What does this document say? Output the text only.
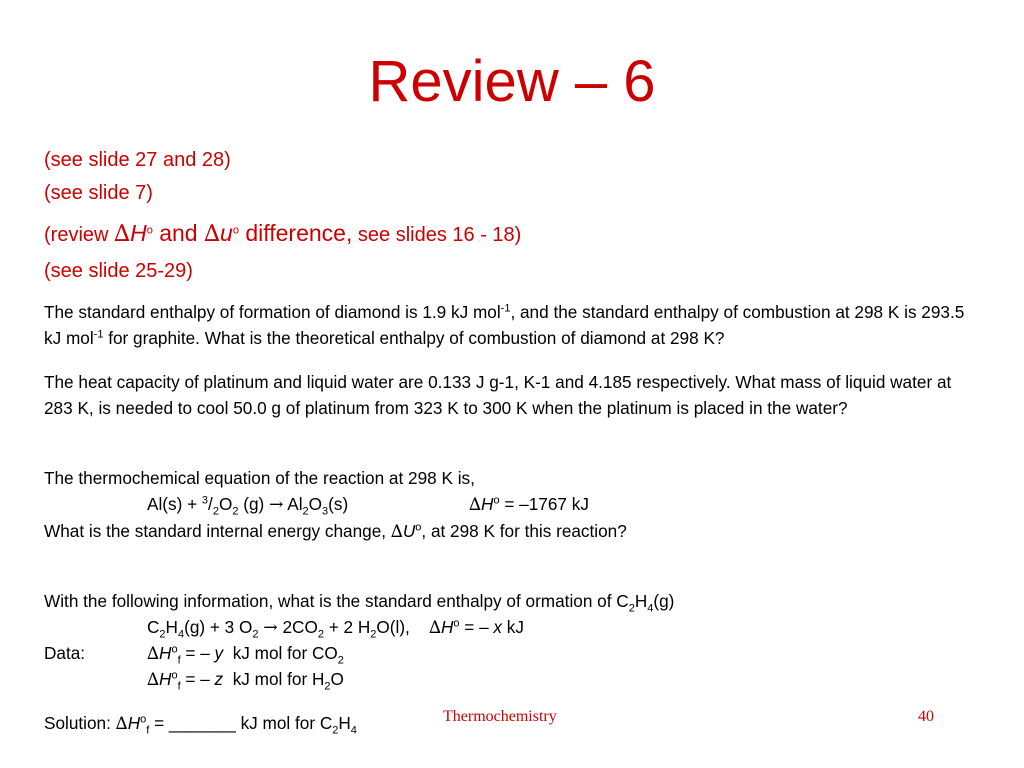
Review – 6
(see slide 27 and 28)
(see slide 7)
(review $\Delta H^o$ and $\Delta u^o$ difference, see slides 16 - 18)
(see slide 25-29)
The standard enthalpy of formation of diamond is 1.9 kJ mol$^{-1}$, and the standard enthalpy of combustion at 298 K is 293.5 kJ mol$^{-1}$ for graphite. What is the theoretical enthalpy of combustion of diamond at 298 K?
The heat capacity of platinum and liquid water are 0.133 J g-1, K-1 and 4.185 respectively. What mass of liquid water at 283 K, is needed to cool 50.0 g of platinum from 323 K to 300 K when the platinum is placed in the water?
The thermochemical equation of the reaction at 298 K is,
$Al(s) + ^3/_2O_2$ $(g) \to Al_2O_3(s)$	$\Delta H^o = -1767$ kJ
What is the standard internal energy change, $\Delta U^o$, at 298 K for this reaction?
With the following information, what is the standard enthalpy of ormation of $C_2H_4(g)$
$C_2H_4(g) + 3$ $O_2 \to 2CO_2 + 2$ $H_2O(l)$,    $\Delta H^o$ = – x kJ
Data:	$\Delta H^o_f$ = – y  kJ mol for $CO_2$
$\Delta H^o_f$ = – z  kJ mol for $H_2O$
Solution: $\Delta H^o_f$ = _______ kJ mol for $C_2H_4$
Thermochemistry	40
